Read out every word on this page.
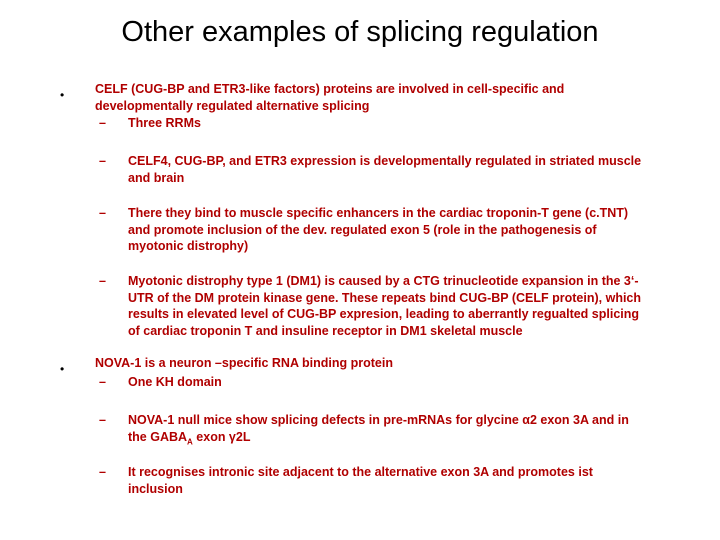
Other examples of splicing regulation
• CELF (CUG-BP and ETR3-like factors) proteins are involved in cell-specific and
developmentally regulated alternative splicing
– Three RRMs
– CELF4, CUG-BP, and ETR3 expression is developmentally regulated in striated muscle
and brain
– There they bind to muscle specific enhancers in the cardiac troponin-T gene (c.TNT)
and promote inclusion of the dev. regulated exon 5 (role in the pathogenesis of
myotonic distrophy)
– Myotonic distrophy type 1 (DM1) is caused by a CTG trinucleotide expansion in the 3‘-
UTR of the DM protein kinase gene. These repeats bind CUG-BP (CELF protein), which
results in elevated level of CUG-BP expresion, leading to aberrantly regualted splicing
of cardiac troponin T and insuline receptor in DM1 skeletal muscle
• NOVA-1 is a neuron –specific RNA binding protein
– One KH domain
– NOVA-1 null mice show splicing defects in pre-mRNAs for glycine α2 exon 3A and in
the $GABA_A$ exon γ2L
– It recognises intronic site adjacent to the alternative exon 3A and promotes ist
inclusion
